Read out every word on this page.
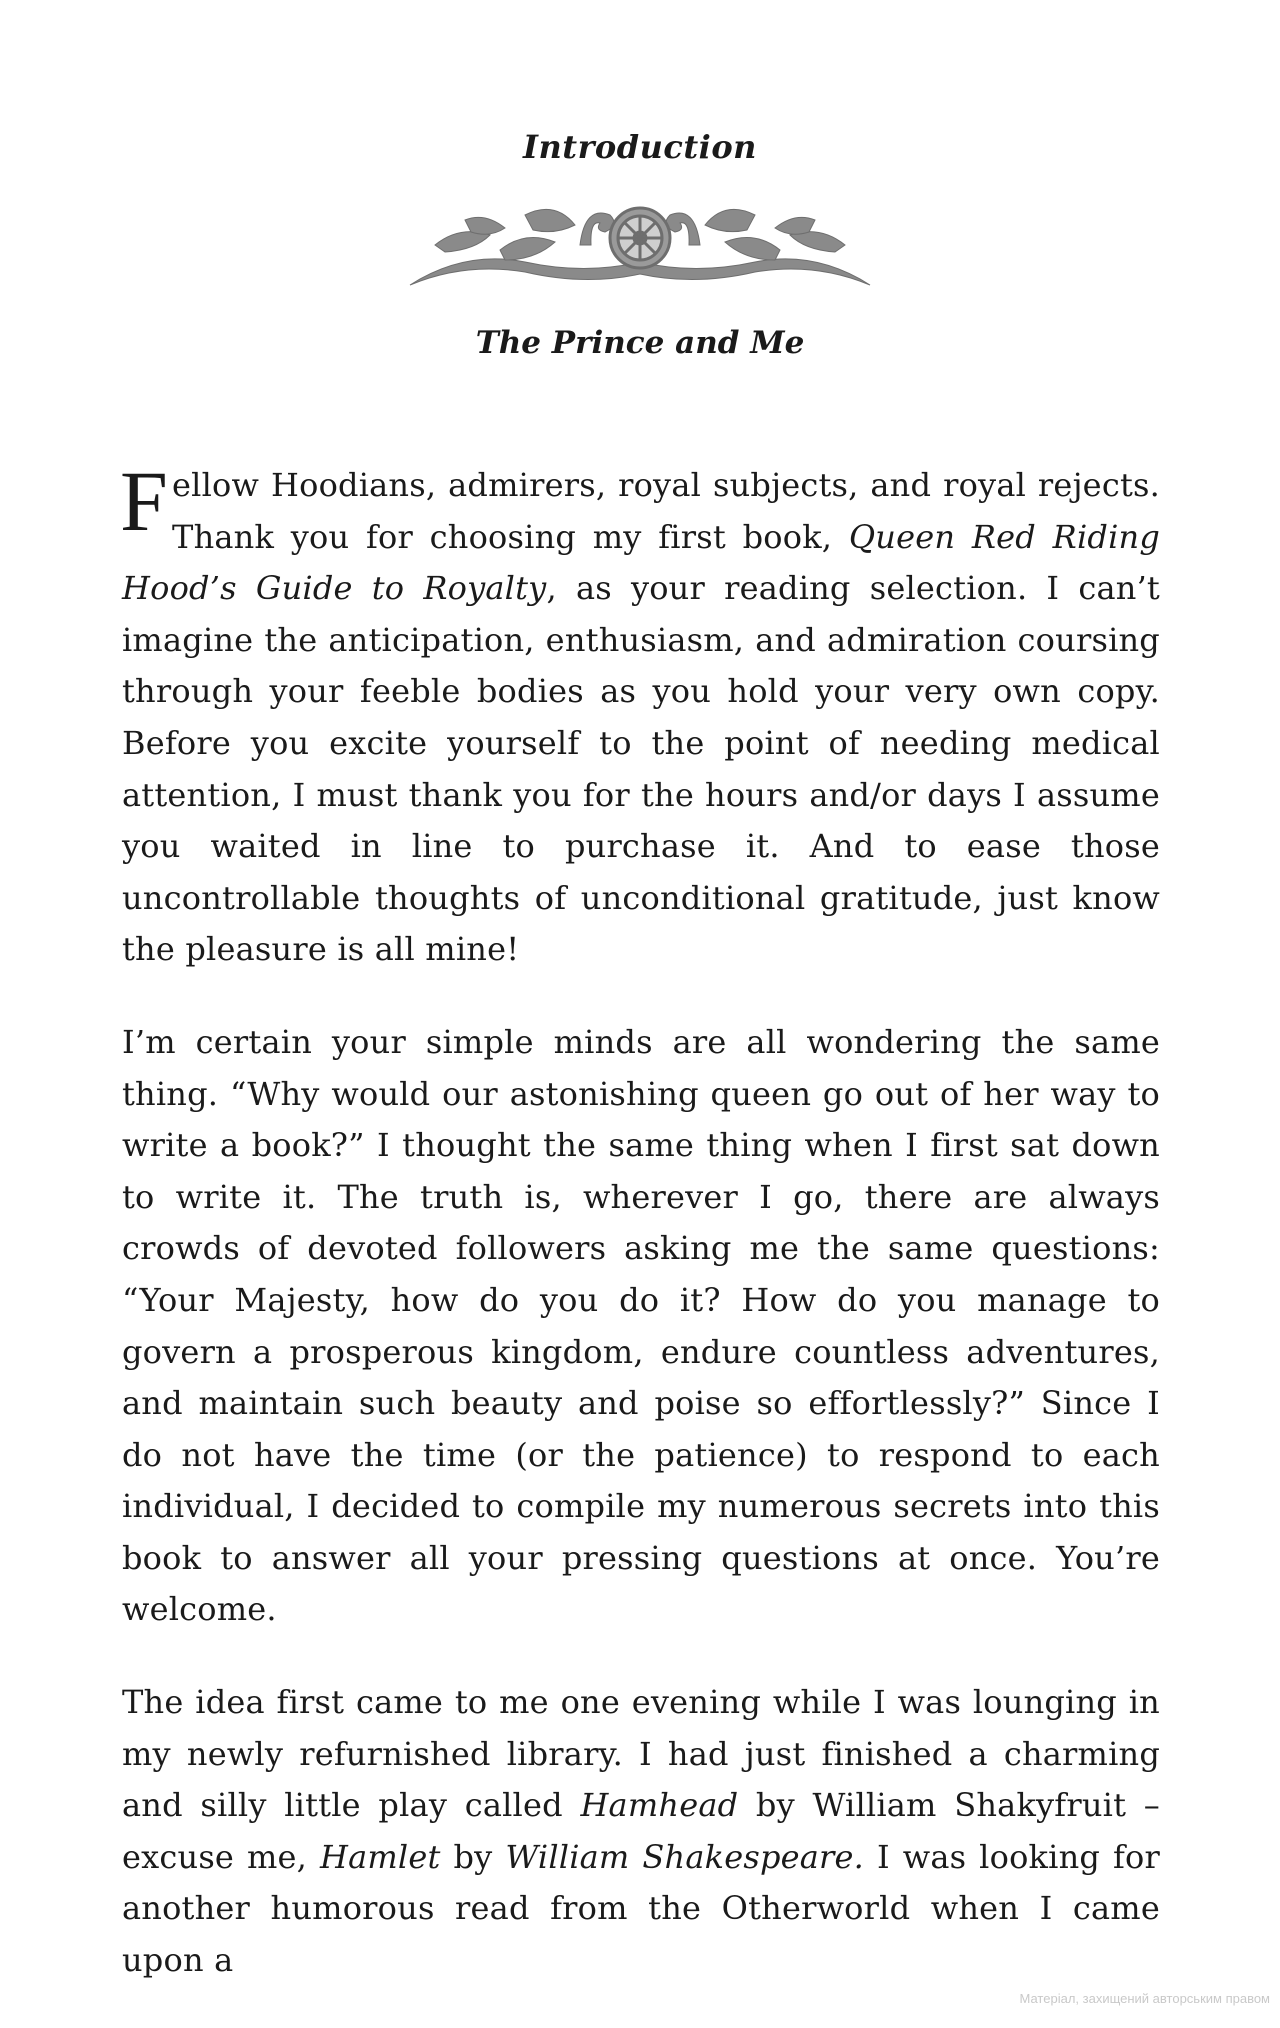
Introduction
The Prince and Me

Fellow Hoodians, admirers, royal subjects, and royal rejects. Thank you for choosing my first book, Queen Red Riding Hood’s Guide to Royalty, as your reading selection. I can’t imagine the anticipation, enthusiasm, and admiration coursing through your feeble bodies as you hold your very own copy. Before you excite yourself to the point of needing medical attention, I must thank you for the hours and/or days I assume you waited in line to purchase it. And to ease those uncontrollable thoughts of unconditional gratitude, just know the pleasure is all mine!

I’m certain your simple minds are all wondering the same thing. “Why would our astonishing queen go out of her way to write a book?” I thought the same thing when I first sat down to write it. The truth is, wherever I go, there are always crowds of devoted followers asking me the same questions: “Your Majesty, how do you do it? How do you manage to govern a prosperous kingdom, endure countless adventures, and maintain such beauty and poise so effortlessly?” Since I do not have the time (or the patience) to respond to each individual, I decided to compile my numerous secrets into this book to answer all your pressing questions at once. You’re welcome.

The idea first came to me one evening while I was lounging in my newly refurnished library. I had just finished a charming and silly little play called Hamhead by William Shakyfruit – excuse me, Hamlet by William Shakespeare. I was looking for another humorous read from the Otherworld when I came upon a

Матеріал, захищений авторським правом
